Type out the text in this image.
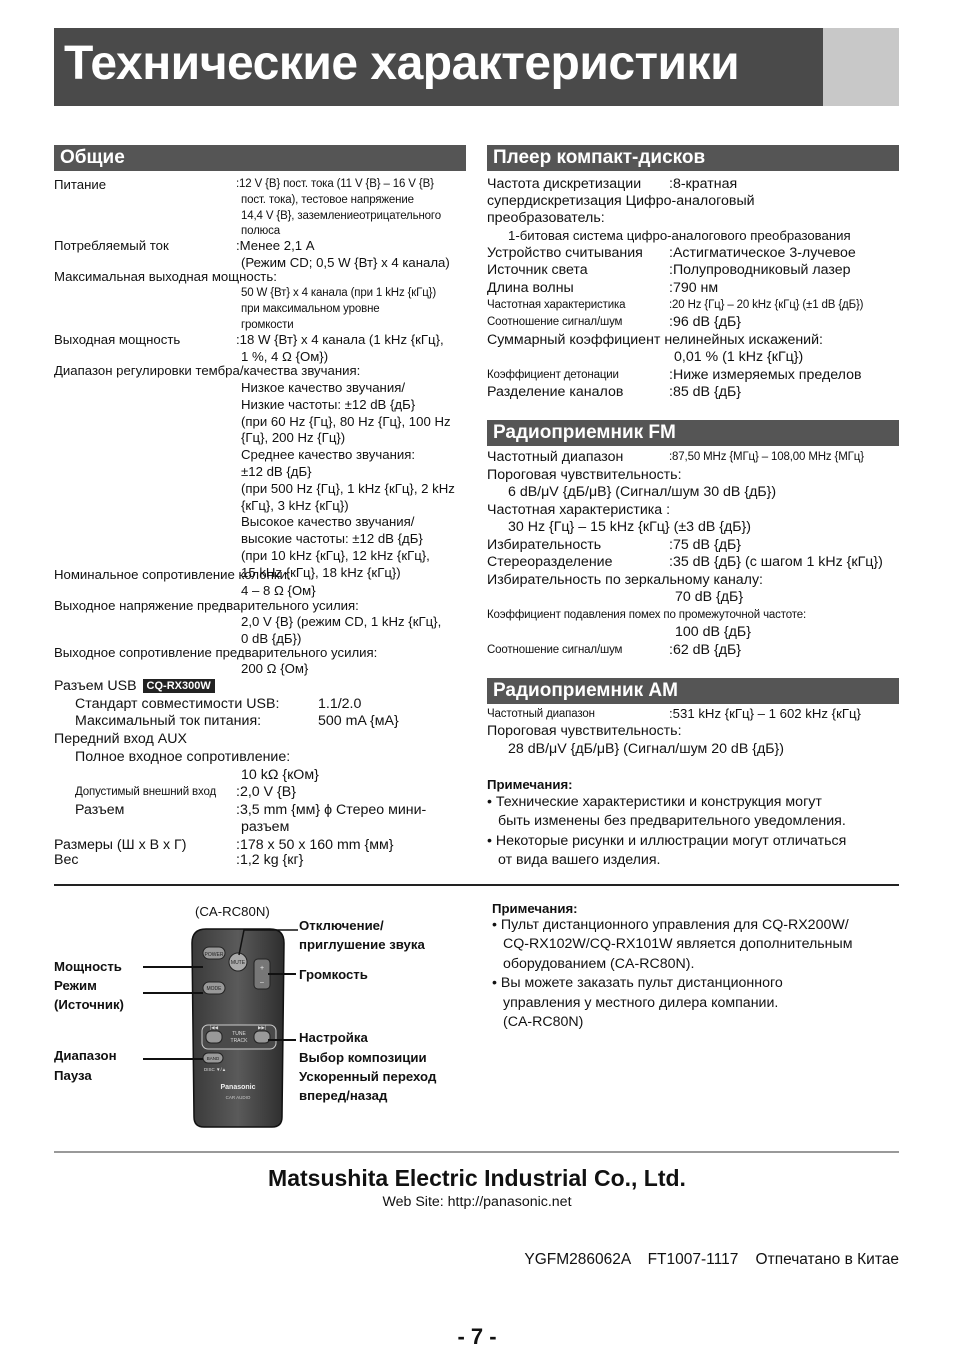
Технические характеристики
Общие
Питание	:12 V {В} пост. тока (11 V {В} – 16 V {В}
пост. тока), тестовое напряжение
14,4 V {В}, заземлениеотрицательного
полюса
Потребляемый ток	:Менее 2,1 A
(Режим CD; 0,5 W {Вт} x 4 канала)
Максимальная выходная мощность:
50 W {Вт} x 4 канала (при 1 kHz {кГц})
при максимальном уровне
громкости
Выходная мощность	:18 W {Вт} x 4 канала (1 kHz {кГц},
1 %, 4 Ω {Ом})
Диапазон регулировки тембра/качества звучания:
Низкое качество звучания/
Низкие частоты: ±12 dB {дБ}
(при 60 Hz {Гц}, 80 Hz {Гц}, 100 Hz
{Гц}, 200 Hz {Гц})
Среднее качество звучания:
±12 dB {дБ}
(при 500 Hz {Гц}, 1 kHz {кГц}, 2 kHz
{кГц}, 3 kHz {кГц})
Высокое качество звучания/
высокие частоты: ±12 dB {дБ}
(при 10 kHz {кГц}, 12 kHz {кГц},
15 kHz {кГц}, 18 kHz {кГц})
Номинальное сопротивление колонки:
4 – 8 Ω {Ом}
Выходное напряжение предварительного усилия:
2,0 V {В} (режим CD, 1 kHz {кГц},
0 dB {дБ})
Выходное сопротивление предварительного усилия:
200 Ω {Ом}
Разъем USB CQ-RX300W
Стандарт совместимости USB:	1.1/2.0
Максимальный ток питания:	500 mA {мА}
Передний вход AUX
Полное входное сопротивление:
10 kΩ {кОм}
Допустимый внешний вход :2,0 V {В}
Разъем	:3,5 mm {мм} ϕ Стерео мини-
разъем
Размеры (Ш x В x Г)	:178 x 50 x 160 mm {мм}
Вес	:1,2 kg {кг}
Плеер компакт-дисков
Частота дискретизации :8-кратная
супердискретизация Цифро-аналоговый
преобразователь:
1-битовая система цифро-аналогового преобразования
Устройство считывания :Астигматическое 3-лучевое
Источник света	:Полупроводниковый лазер
Длина волны	:790 нм
Частотная характеристика	:20 Hz {Гц} – 20 kHz {кГц} (±1 dB {дБ})
Соотношение сигнал/шум	:96 dB {дБ}
Суммарный коэффициент нелинейных искажений:
0,01 % (1 kHz {кГц})
Коэффициент детонации	:Ниже измеряемых пределов
Разделение каналов	:85 dB {дБ}
Радиоприемник FM
Частотный диапазон	:87,50 MHz {МГц} – 108,00 MHz {МГц}
Пороговая чувствительность:
6 dB/μV {дБ/μВ} (Сигнал/шум 30 dB {дБ})
Частотная характеристика :
30 Hz {Гц} – 15 kHz {кГц} (±3 dB {дБ})
Избирательность	:75 dB {дБ}
Стереоразделение	:35 dB {дБ} (с шагом 1 kHz {кГц})
Избирательность по зеркальному каналу:
70 dB {дБ}
Коэффициент подавления помех по промежуточной частоте:
100 dB {дБ}
Соотношение сигнал/шум	:62 dB {дБ}
Радиоприемник AM
Частотный диапазон	:531 kHz {кГц} – 1 602 kHz {кГц}
Пороговая чувствительность:
28 dB/μV {дБ/μВ} (Сигнал/шум 20 dB {дБ})
Примечания:
• Технические характеристики и конструкция могут
быть изменены без предварительного уведомления.
• Некоторые рисунки и иллюстрации могут отличаться
от вида вашего изделия.
(CA-RC80N)
POWER
MUTE
+
–
MODE
|◀◀
TUNE
TRACK
▶▶|
BAND
DISC ▼/▲
Panasonic
CAR AUDIO
Мощность
Режим
(Источник)
Диапазон
Пауза
Отключение/
приглушение звука
Громкость
Настройка
Выбор композиции
Ускоренный переход
вперед/назад
Примечания:
• Пульт дистанционного управления для CQ-RX200W/
CQ-RX102W/CQ-RX101W является дополнительным
оборудованием (CA-RC80N).
• Вы можете заказать пульт дистанционного
управления у местного дилера компании.
(CA-RC80N)
Matsushita Electric Industrial Co., Ltd.
Web Site: http://panasonic.net
YGFM286062A    FT1007-1117    Отпечатано в Китае
- 7 -
